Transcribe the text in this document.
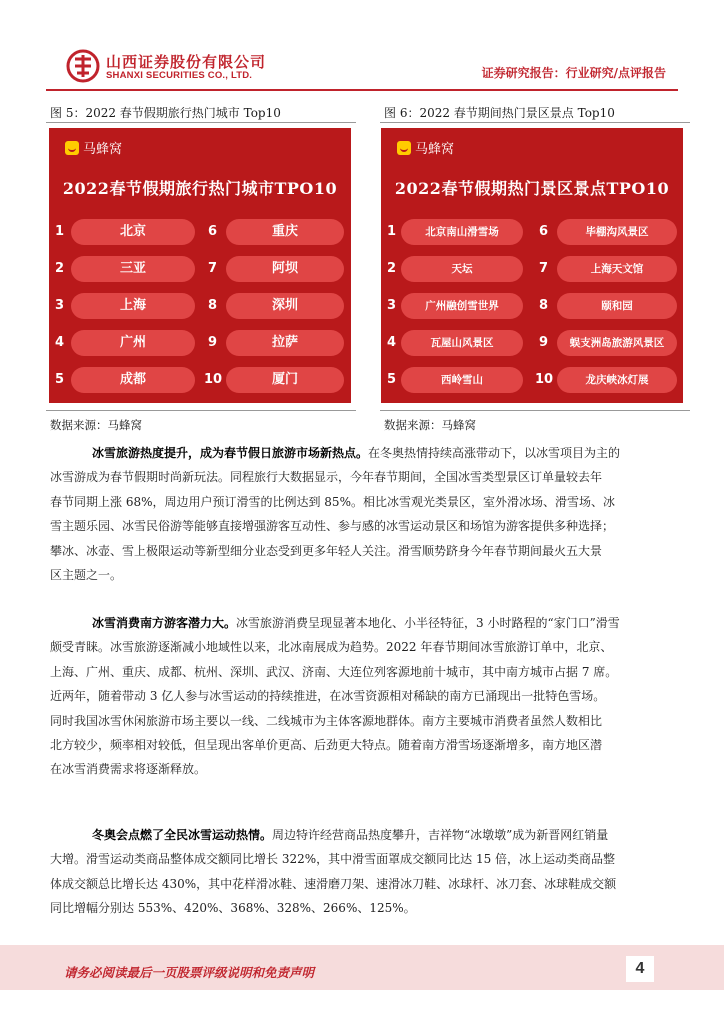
山西证券股份有限公司
SHANXI SECURITIES CO., LTD.	证券研究报告：行业研究/点评报告
图 5：2022 春节假期旅行热门城市 Top10	图 6：2022 春节期间热门景区景点 Top10
马蜂窝
2022春节假期旅行热门城市TPO10
1	北京
2	三亚
3	上海
4	广州
5	成都
6	重庆
7	阿坝
8	深圳
9	拉萨
10	厦门
马蜂窝
2022春节假期热门景区景点TPO10
1	北京南山滑雪场
2	天坛
3	广州融创雪世界
4	瓦屋山风景区
5	西岭雪山
6	毕棚沟风景区
7	上海天文馆
8	颐和园
9	蜈支洲岛旅游风景区
10	龙庆峡冰灯展
数据来源：马蜂窝	数据来源：马蜂窝
冰雪旅游热度提升，成为春节假日旅游市场新热点。在冬奥热情持续高涨带动下，以冰雪项目为主的
冰雪游成为春节假期时尚新玩法。同程旅行大数据显示，今年春节期间，全国冰雪类型景区订单量较去年
春节同期上涨 68%，周边用户预订滑雪的比例达到 85%。相比冰雪观光类景区，室外滑冰场、滑雪场、冰
雪主题乐园、冰雪民俗游等能够直接增强游客互动性、参与感的冰雪运动景区和场馆为游客提供多种选择；
攀冰、冰壶、雪上极限运动等新型细分业态受到更多年轻人关注。滑雪顺势跻身今年春节期间最火五大景
区主题之一。
冰雪消费南方游客潜力大。冰雪旅游消费呈现显著本地化、小半径特征，3 小时路程的“家门口”滑雪
颇受青睐。冰雪旅游逐渐减小地域性以来，北冰南展成为趋势。2022 年春节期间冰雪旅游订单中，北京、
上海、广州、重庆、成都、杭州、深圳、武汉、济南、大连位列客源地前十城市，其中南方城市占据 7 席。
近两年，随着带动 3 亿人参与冰雪运动的持续推进，在冰雪资源相对稀缺的南方已涌现出一批特色雪场。
同时我国冰雪休闲旅游市场主要以一线、二线城市为主体客源地群体。南方主要城市消费者虽然人数相比
北方较少，频率相对较低，但呈现出客单价更高、后劲更大特点。随着南方滑雪场逐渐增多，南方地区潜
在冰雪消费需求将逐渐释放。
冬奥会点燃了全民冰雪运动热情。周边特许经营商品热度攀升，吉祥物“冰墩墩”成为新晋网红销量
大增。滑雪运动类商品整体成交额同比增长 322%，其中滑雪面罩成交额同比达 15 倍，冰上运动类商品整
体成交额总比增长达 430%，其中花样滑冰鞋、速滑磨刀架、速滑冰刀鞋、冰球杆、冰刀套、冰球鞋成交额
同比增幅分别达 553%、420%、368%、328%、266%、125%。
请务必阅读最后一页股票评级说明和免责声明	4
